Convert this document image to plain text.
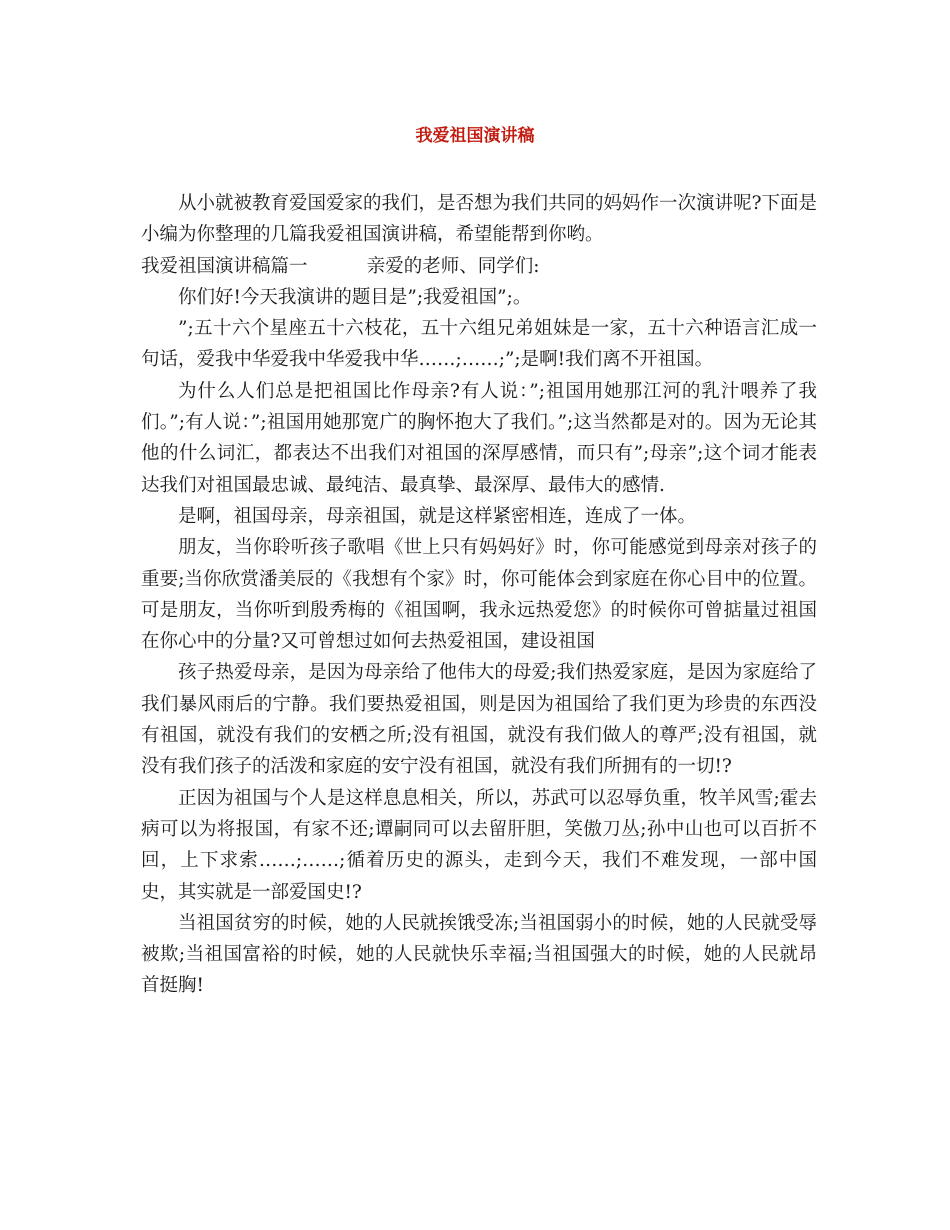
我爱祖国演讲稿

从小就被教育爱国爱家的我们，是否想为我们共同的妈妈作一次演讲呢?下面是小编为你整理的几篇我爱祖国演讲稿，希望能帮到你哟。

我爱祖国演讲稿篇一	亲爱的老师、同学们:

你们好!今天我演讲的题目是”;我爱祖国”;。

”;五十六个星座五十六枝花，五十六组兄弟姐妹是一家，五十六种语言汇成一句话，爱我中华爱我中华爱我中华……;……;”;是啊!我们离不开祖国。

为什么人们总是把祖国比作母亲?有人说：”;祖国用她那江河的乳汁喂养了我们。”;有人说：”;祖国用她那宽广的胸怀抱大了我们。”;这当然都是对的。因为无论其他的什么词汇，都表达不出我们对祖国的深厚感情，而只有”;母亲”;这个词才能表达我们对祖国最忠诚、最纯洁、最真挚、最深厚、最伟大的感情.

是啊，祖国母亲，母亲祖国，就是这样紧密相连，连成了一体。

朋友，当你聆听孩子歌唱《世上只有妈妈好》时，你可能感觉到母亲对孩子的重要;当你欣赏潘美辰的《我想有个家》时，你可能体会到家庭在你心目中的位置。可是朋友，当你听到殷秀梅的《祖国啊，我永远热爱您》的时候你可曾掂量过祖国在你心中的分量?又可曾想过如何去热爱祖国，建设祖国

孩子热爱母亲，是因为母亲给了他伟大的母爱;我们热爱家庭，是因为家庭给了我们暴风雨后的宁静。我们要热爱祖国，则是因为祖国给了我们更为珍贵的东西没有祖国，就没有我们的安栖之所;没有祖国，就没有我们做人的尊严;没有祖国，就没有我们孩子的活泼和家庭的安宁没有祖国，就没有我们所拥有的一切!?

正因为祖国与个人是这样息息相关，所以，苏武可以忍辱负重，牧羊风雪;霍去病可以为将报国，有家不还;谭嗣同可以去留肝胆，笑傲刀丛;孙中山也可以百折不回，上下求索……;……;循着历史的源头，走到今天，我们不难发现，一部中国史，其实就是一部爱国史!?

当祖国贫穷的时候，她的人民就挨饿受冻;当祖国弱小的时候，她的人民就受辱被欺;当祖国富裕的时候，她的人民就快乐幸福;当祖国强大的时候，她的人民就昂首挺胸!
